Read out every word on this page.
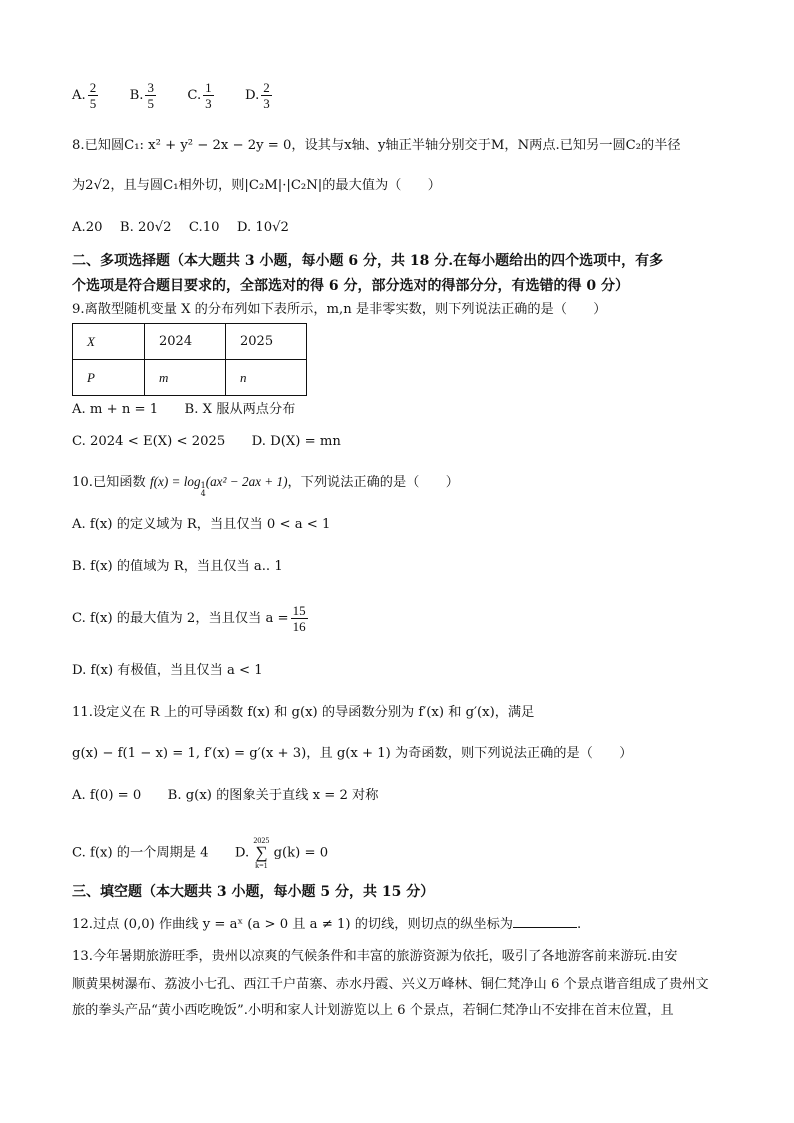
A. $\frac{2}{5} B$. $\frac{3}{5} C$. $\frac{1}{3} D$. $\frac{2}{3}$
8.已知圆C₁: x² + y² − 2x − 2y = 0，设其与x轴、y轴正半轴分别交于M，N两点.已知另一圆C₂的半径
为2√2，且与圆C₁相外切，则|C₂M|·|C₂N|的最大值为（　　）
A.20　 B. 20√2　 C.10　 D. 10√2
二、多项选择题（本大题共 3 小题，每小题 6 分，共 18 分.在每小题给出的四个选项中，有多
个选项是符合题目要求的，全部选对的得 6 分，部分选对的得部分分，有选错的得 0 分）
9.离散型随机变量 X 的分布列如下表所示，m,n 是非零实数，则下列说法正确的是（　　）
X	2024	2025
P	m	n
A. m + n = 1　　B. X 服从两点分布
C. 2024 < E(X) < 2025　　D. D(X) = mn
10.已知函数 f(x) = log 1
4
(ax² − 2ax + 1)，下列说法正确的是（　　）
A. f(x) 的定义域为 R，当且仅当 0 < a < 1
B. f(x) 的值域为 R，当且仅当 a.. 1
C. f(x) 的最大值为 2，当且仅当 $a = \frac{15}{16}$
D. f(x) 有极值，当且仅当 a < 1
11.设定义在 R 上的可导函数 f(x) 和 g(x) 的导函数分别为 f′(x) 和 g′(x)，满足
g(x) − f(1 − x) = 1, f′(x) = g′(x + 3)，且 g(x + 1) 为奇函数，则下列说法正确的是（　　）
A. f(0) = 0　　B. g(x) 的图象关于直线 x = 2 对称
C. f(x) 的一个周期是 4　　D.
2025
∑
k=1
g(k) = 0
三、填空题（本大题共 3 小题，每小题 5 分，共 15 分）
12.过点 (0,0) 作曲线 y = aˣ (a > 0 且 a ≠ 1) 的切线，则切点的纵坐标为	.
13.今年暑期旅游旺季，贵州以凉爽的气候条件和丰富的旅游资源为依托，吸引了各地游客前来游玩.由安
顺黄果树瀑布、荔波小七孔、西江千户苗寨、赤水丹霞、兴义万峰林、铜仁梵净山 6 个景点谐音组成了贵州文
旅的拳头产品“黄小西吃晚饭”.小明和家人计划游览以上 6 个景点，若铜仁梵净山不安排在首末位置，且
